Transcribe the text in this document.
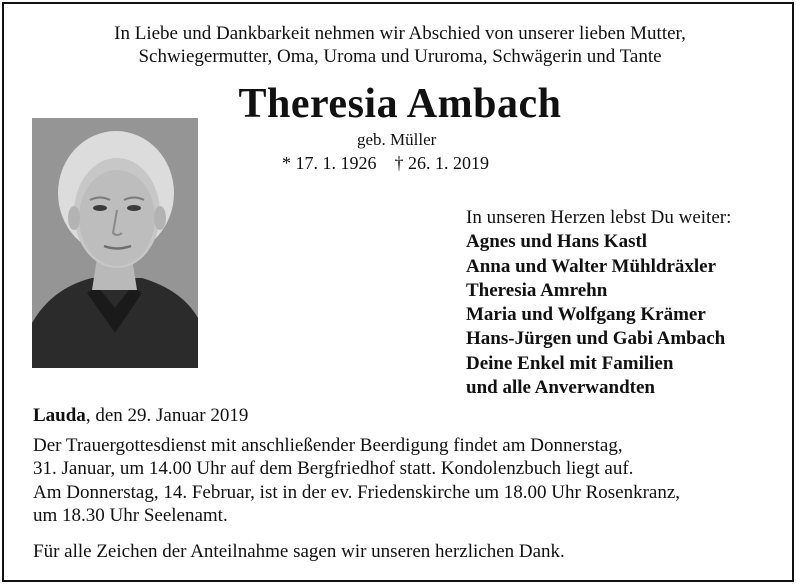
In Liebe und Dankbarkeit nehmen wir Abschied von unserer lieben Mutter,
Schwiegermutter, Oma, Uroma und Ururoma, Schwägerin und Tante
Theresia Ambach
geb. Müller
* 17. 1. 1926 † 26. 1. 2019
In unseren Herzen lebst Du weiter:
Agnes und Hans Kastl
Anna und Walter Mühldräxler
Theresia Amrehn
Maria und Wolfgang Krämer
Hans-Jürgen und Gabi Ambach
Deine Enkel mit Familien
und alle Anverwandten
Lauda, den 29. Januar 2019
Der Trauergottesdienst mit anschließender Beerdigung findet am Donnerstag,
31. Januar, um 14.00 Uhr auf dem Bergfriedhof statt. Kondolenzbuch liegt auf.
Am Donnerstag, 14. Februar, ist in der ev. Friedenskirche um 18.00 Uhr Rosenkranz,
um 18.30 Uhr Seelenamt.
Für alle Zeichen der Anteilnahme sagen wir unseren herzlichen Dank.
